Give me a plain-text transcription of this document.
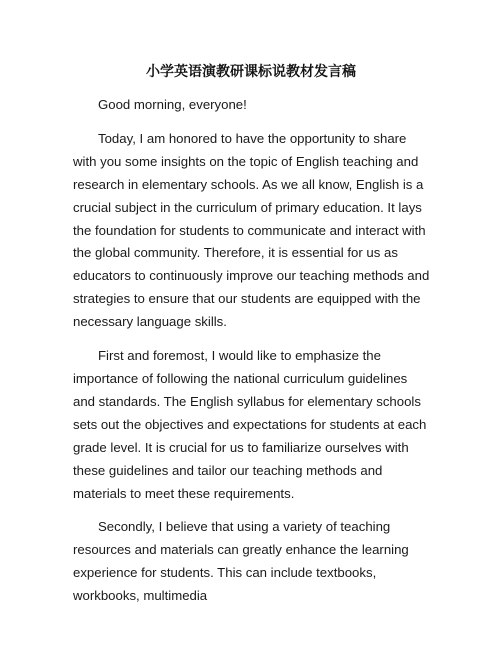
小学英语演教研课标说教材发言稿

Good morning, everyone!

Today, I am honored to have the opportunity to share with you some insights on the topic of English teaching and research in elementary schools. As we all know, English is a crucial subject in the curriculum of primary education. It lays the foundation for students to communicate and interact with the global community. Therefore, it is essential for us as educators to continuously improve our teaching methods and strategies to ensure that our students are equipped with the necessary language skills.

First and foremost, I would like to emphasize the importance of following the national curriculum guidelines and standards. The English syllabus for elementary schools sets out the objectives and expectations for students at each grade level. It is crucial for us to familiarize ourselves with these guidelines and tailor our teaching methods and materials to meet these requirements.

Secondly, I believe that using a variety of teaching resources and materials can greatly enhance the learning experience for students. This can include textbooks, workbooks, multimedia
